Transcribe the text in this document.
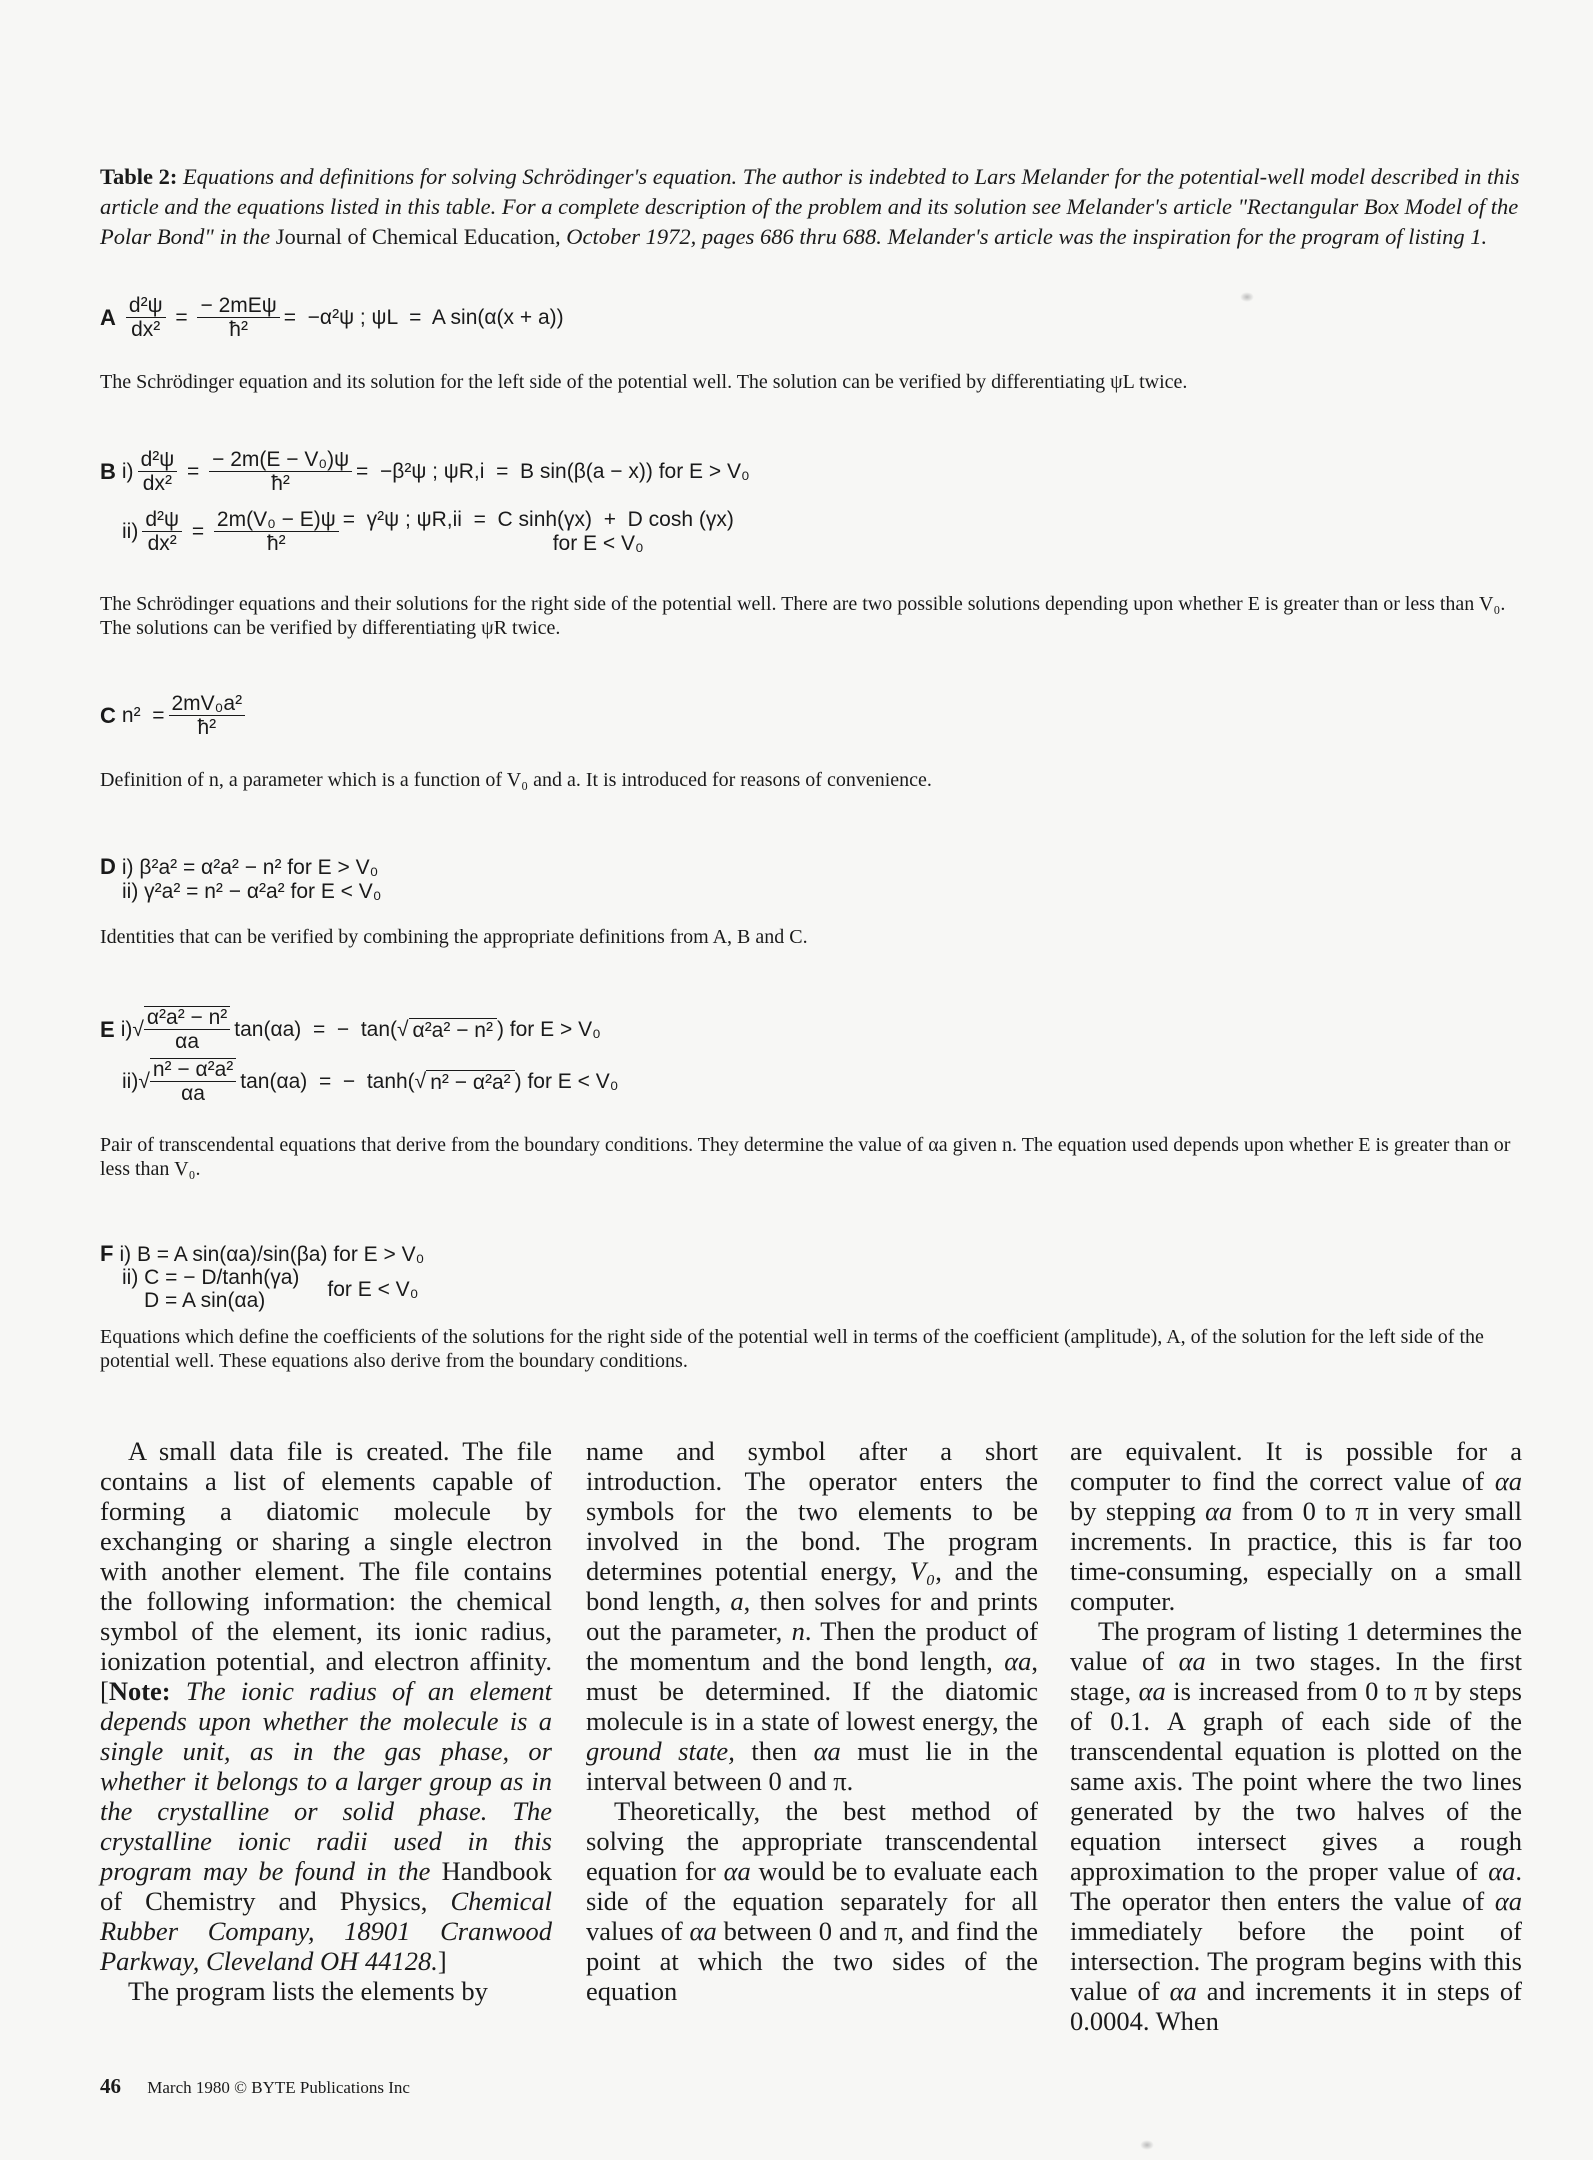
Table 2: Equations and definitions for solving Schrödinger's equation. The author is indebted to Lars Melander for the potential-well model described in this article and the equations listed in this table. For a complete description of the problem and its solution see Melander's article "Rectangular Box Model of the Polar Bond" in the Journal of Chemical Education, October 1972, pages 686 thru 688. Melander's article was the inspiration for the program of listing 1.
A $\frac{\text{d²ψ}}{\text{dx²}} = \frac{\text{− 2mEψ}}{\text{ħ²}} = -\alpha^2\psi$ ; ψL  =  A sin(α(x + a))
The Schrödinger equation and its solution for the left side of the potential well. The solution can be verified by differentiating ψL twice.
B $i) \frac{\text{d²ψ}}{\text{dx²}} = \frac{\text{− 2m(E − V₀)ψ}}{\text{ħ²}} = -\beta^2\psi$ ; ψR,i  =  B sin(β(a − x)) for E > V₀
$ii) \frac{\text{d²ψ}}{\text{dx²}} = \frac{\text{2m(V₀ − E)ψ}}{\text{ħ²}} = \gamma^2\psi$ ; ψR,ii  =  C sinh(γx)  +  D cosh (γx)
for E < V₀
The Schrödinger equations and their solutions for the right side of the potential well. There are two possible solutions depending upon whether E is greater than or less than V₀. The solutions can be verified by differentiating ψR twice.
C $n^2 = \frac{\text{2mV₀a²}}{\text{ħ²}}$
Definition of n, a parameter which is a function of V₀ and a. It is introduced for reasons of convenience.
D i) β²a² = α²a² − n² for E > V₀
ii) γ²a² = n² − α²a² for E < V₀
Identities that can be verified by combining the appropriate definitions from A, B and C.
E $i)√ \frac{\text{α²a² − n²}}{\alpha a} \tan(\alpha a)$  =  −  tan(√ α²a² − n² ) for E > V₀
$ii)√ \frac{\text{n² − α²a²}}{\alpha a} \tan(\alpha a)$  =  −  tanh(√ n² − α²a² ) for E < V₀
Pair of transcendental equations that derive from the boundary conditions. They determine the value of αa given n. The equation used depends upon whether E is greater than or less than V₀.
F i) B = A sin(αa)/sin(βa) for E > V₀
ii) C = − D/tanh(γa)
D = A sin(αa)	for E < V₀
Equations which define the coefficients of the solutions for the right side of the potential well in terms of the coefficient (amplitude), A, of the solution for the left side of the potential well. These equations also derive from the boundary conditions.

A small data file is created. The file contains a list of elements capable of forming a diatomic molecule by exchanging or sharing a single electron with another element. The file contains the following information: the chemical symbol of the element, its ionic radius, ionization potential, and electron affinity. [Note: The ionic radius of an element depends upon whether the molecule is a single unit, as in the gas phase, or whether it belongs to a larger group as in the crystalline or solid phase. The crystalline ionic radii used in this program may be found in the Handbook of Chemistry and Physics, Chemical Rubber Company, 18901 Cranwood Parkway, Cleveland OH 44128.]

The program lists the elements by

name and symbol after a short introduction. The operator enters the symbols for the two elements to be involved in the bond. The program determines potential energy, V₀, and the bond length, a, then solves for and prints out the parameter, n. Then the product of the momentum and the bond length, αa, must be determined. If the diatomic molecule is in a state of lowest energy, the ground state, then αa must lie in the interval between 0 and π.

Theoretically, the best method of solving the appropriate transcendental equation for αa would be to evaluate each side of the equation separately for all values of αa between 0 and π, and find the point at which the two sides of the equation

are equivalent. It is possible for a computer to find the correct value of αa by stepping αa from 0 to π in very small increments. In practice, this is far too time-consuming, especially on a small computer.

The program of listing 1 determines the value of αa in two stages. In the first stage, αa is increased from 0 to π by steps of 0.1. A graph of each side of the transcendental equation is plotted on the same axis. The point where the two lines generated by the two halves of the equation intersect gives a rough approximation to the proper value of αa. The operator then enters the value of αa immediately before the point of intersection. The program begins with this value of αa and increments it in steps of 0.0004. When

46 March 1980 © BYTE Publications Inc
